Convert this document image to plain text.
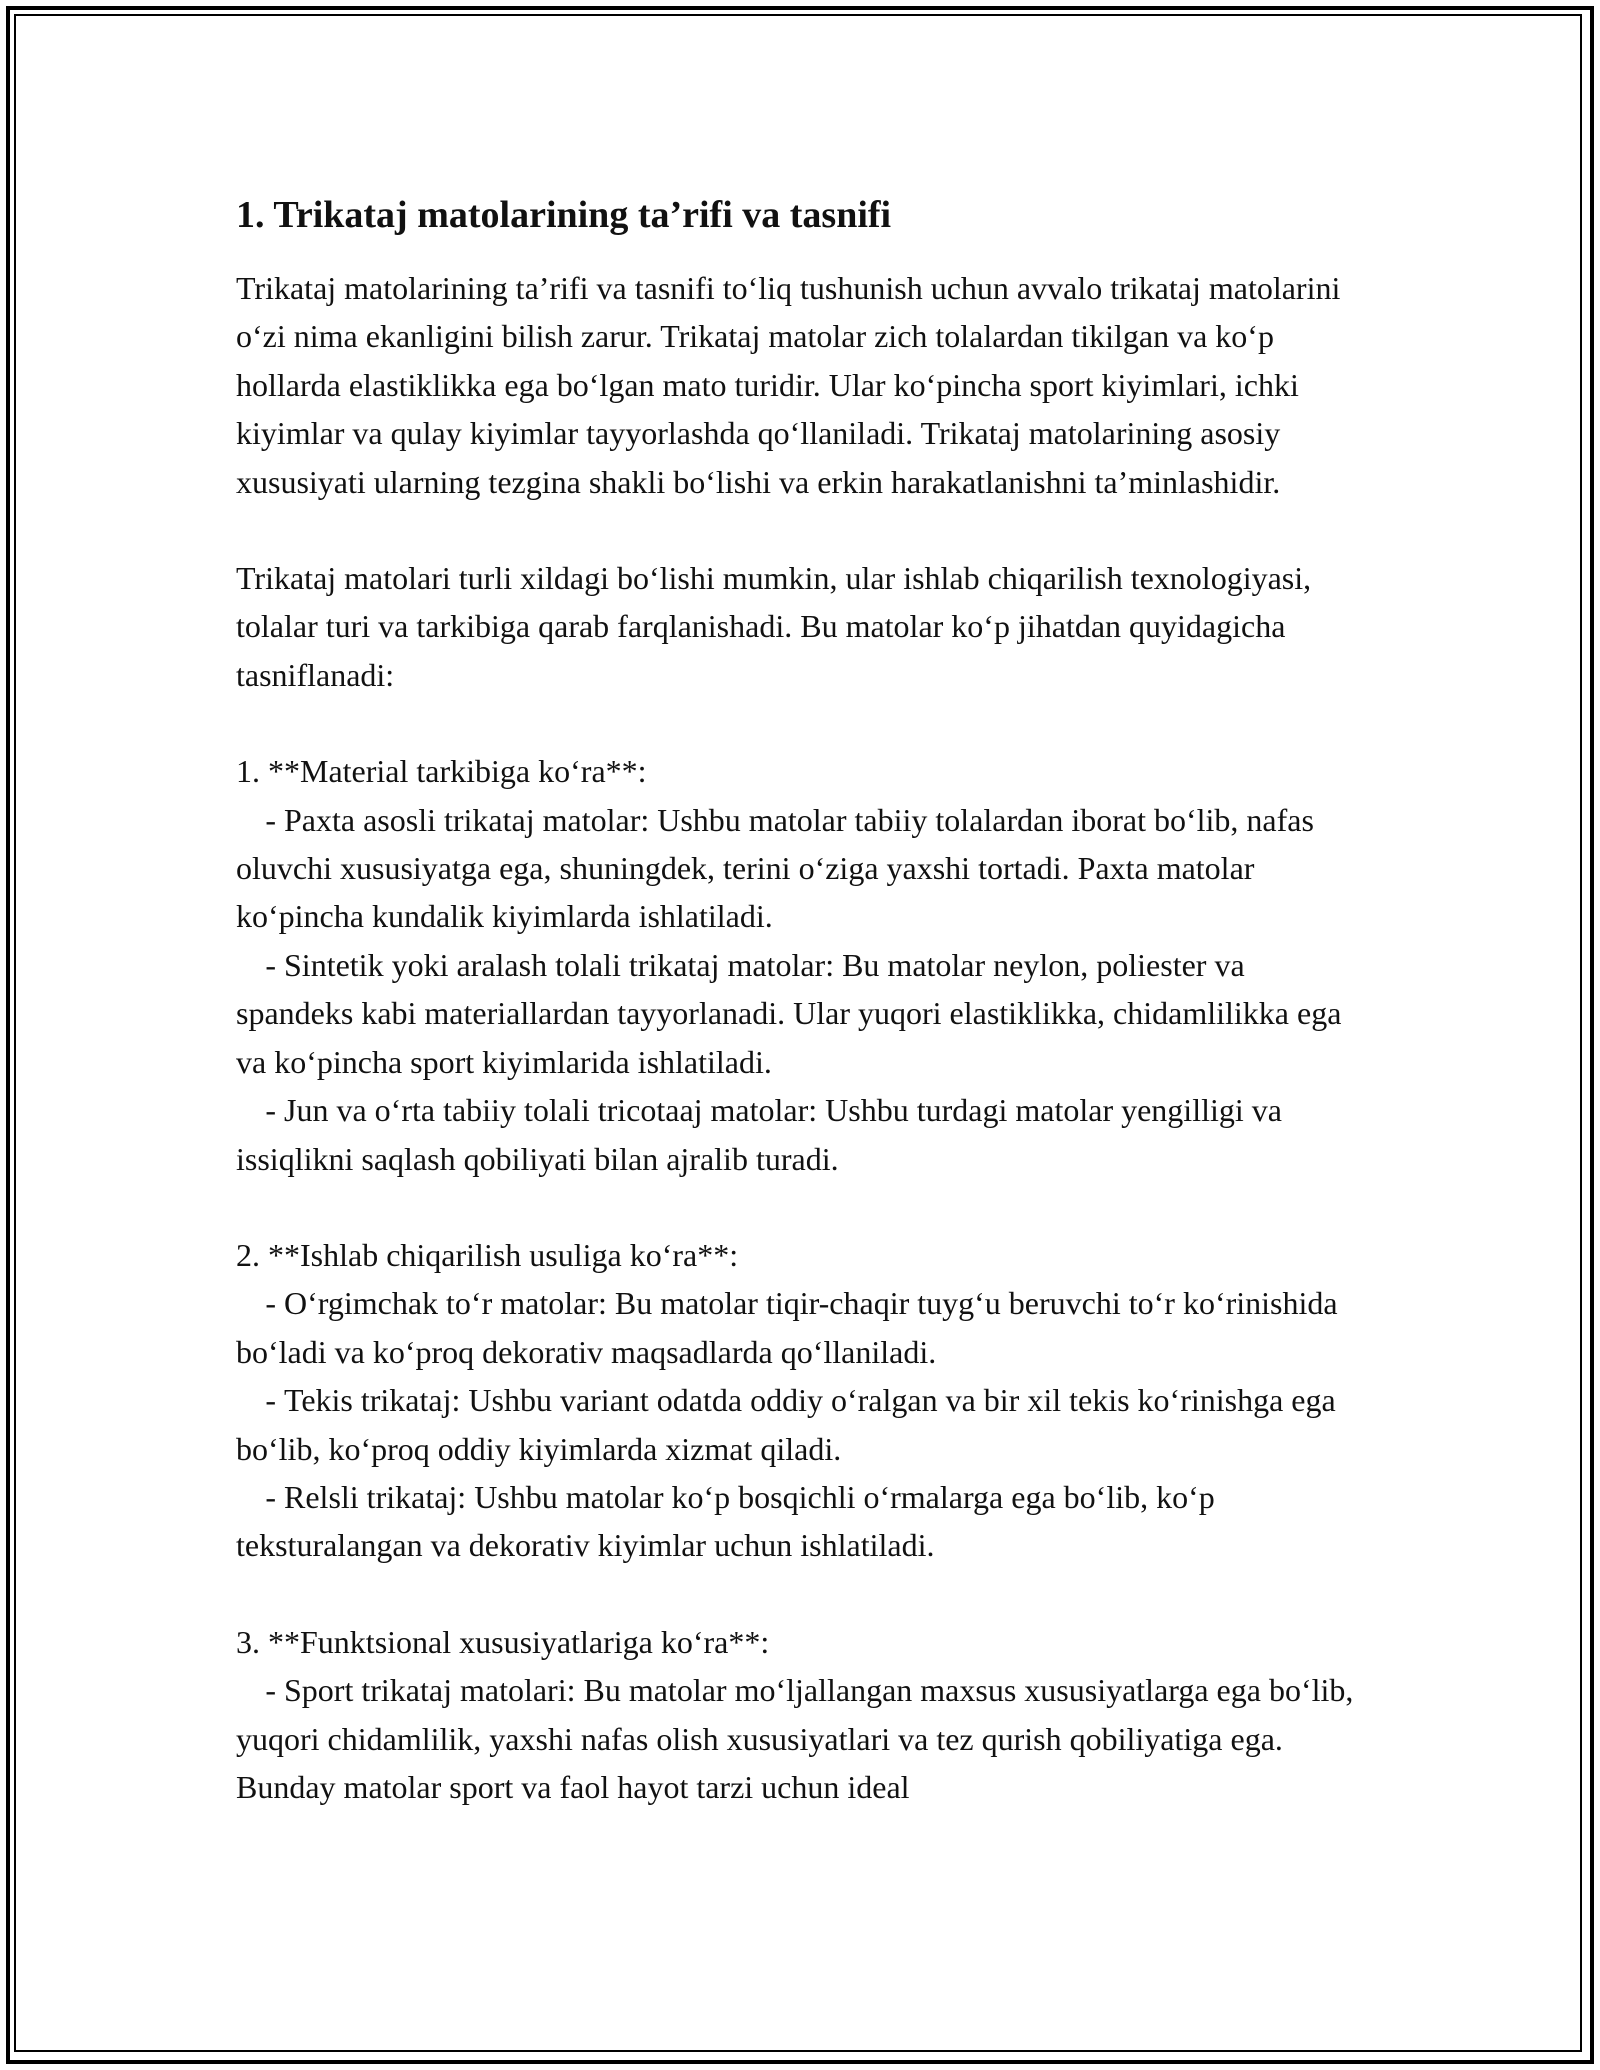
1. Trikataj matolarining ta’rifi va tasnifi

Trikataj matolarining ta’rifi va tasnifi to‘liq tushunish uchun avvalo trikataj matolarini o‘zi nima ekanligini bilish zarur. Trikataj matolar zich tolalardan tikilgan va ko‘p hollarda elastiklikka ega bo‘lgan mato turidir. Ular ko‘pincha sport kiyimlari, ichki kiyimlar va qulay kiyimlar tayyorlashda qo‘llaniladi. Trikataj matolarining asosiy xususiyati ularning tezgina shakli bo‘lishi va erkin harakatlanishni ta’minlashidir.

Trikataj matolari turli xildagi bo‘lishi mumkin, ular ishlab chiqarilish texnologiyasi, tolalar turi va tarkibiga qarab farqlanishadi. Bu matolar ko‘p jihatdan quyidagicha tasniflanadi:

1. **Material tarkibiga ko‘ra**:

- Paxta asosli trikataj matolar: Ushbu matolar tabiiy tolalardan iborat bo‘lib, nafas oluvchi xususiyatga ega, shuningdek, terini o‘ziga yaxshi tortadi. Paxta matolar ko‘pincha kundalik kiyimlarda ishlatiladi.

- Sintetik yoki aralash tolali trikataj matolar: Bu matolar neylon, poliester va spandeks kabi materiallardan tayyorlanadi. Ular yuqori elastiklikka, chidamlilikka ega va ko‘pincha sport kiyimlarida ishlatiladi.

- Jun va o‘rta tabiiy tolali tricotaaj matolar: Ushbu turdagi matolar yengilligi va issiqlikni saqlash qobiliyati bilan ajralib turadi.

2. **Ishlab chiqarilish usuliga ko‘ra**:

- O‘rgimchak to‘r matolar: Bu matolar tiqir-chaqir tuyg‘u beruvchi to‘r ko‘rinishida bo‘ladi va ko‘proq dekorativ maqsadlarda qo‘llaniladi.

- Tekis trikataj: Ushbu variant odatda oddiy o‘ralgan va bir xil tekis ko‘rinishga ega bo‘lib, ko‘proq oddiy kiyimlarda xizmat qiladi.

- Relsli trikataj: Ushbu matolar ko‘p bosqichli o‘rmalarga ega bo‘lib, ko‘p teksturalangan va dekorativ kiyimlar uchun ishlatiladi.

3. **Funktsional xususiyatlariga ko‘ra**:

- Sport trikataj matolari: Bu matolar mo‘ljallangan maxsus xususiyatlarga ega bo‘lib, yuqori chidamlilik, yaxshi nafas olish xususiyatlari va tez qurish qobiliyatiga ega. Bunday matolar sport va faol hayot tarzi uchun ideal
